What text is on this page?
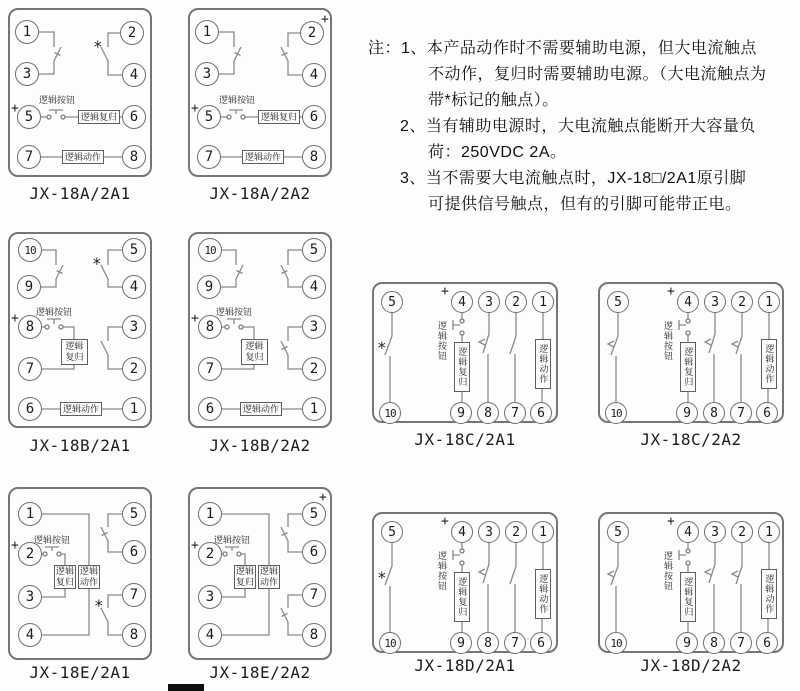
1	2
3	4
5	6
7	8
*
+
逻辑按钮
逻辑复归
逻辑动作
JX-18A/2A1
1	2
3	4
5	6
7	8
+
+
逻辑按钮
逻辑复归
逻辑动作
JX-18A/2A2
注：1、本产品动作时不需要辅助电源，但大电流触点
不动作，复归时需要辅助电源。（大电流触点为
带*标记的触点）。
2、当有辅助电源时，大电流触点能断开大容量负
荷：250VDC 2A。
3、当不需要大电流触点时，JX-18□/2A1原引脚
可提供信号触点，但有的引脚可能带正电。
10	5
9	4
8	3
7	2
6	1
*
+	逻辑按钮
逻辑
复归
逻辑动作
JX-18B/2A1
10	5
9	4
8	3
7	2
6	1
+	逻辑按钮
逻辑
复归
逻辑动作
JX-18B/2A2
5	4	3	2	1
10	9	8	7	6
*
+
逻辑按钮
逻辑复归	逻辑动作
JX-18C/2A1
5	4	3	2	1
10	9	8	7	6
+
逻辑按钮
逻辑复归	逻辑动作
JX-18C/2A2
1	5
2	6
3	7
4	8
*
+	逻辑按钮
逻辑
复归
逻辑
动作
JX-18E/2A1
1	5
2	6
3	7
4	8
+
+	逻辑按钮
逻辑
复归
逻辑
动作
JX-18E/2A2
5	4	3	2	1
10	9	8	7	6
*
+
逻辑按钮
逻辑复归	逻辑动作
JX-18D/2A1
5	4	3	2	1
10	9	8	7	6
+
逻辑按钮
逻辑复归	逻辑动作
JX-18D/2A2
